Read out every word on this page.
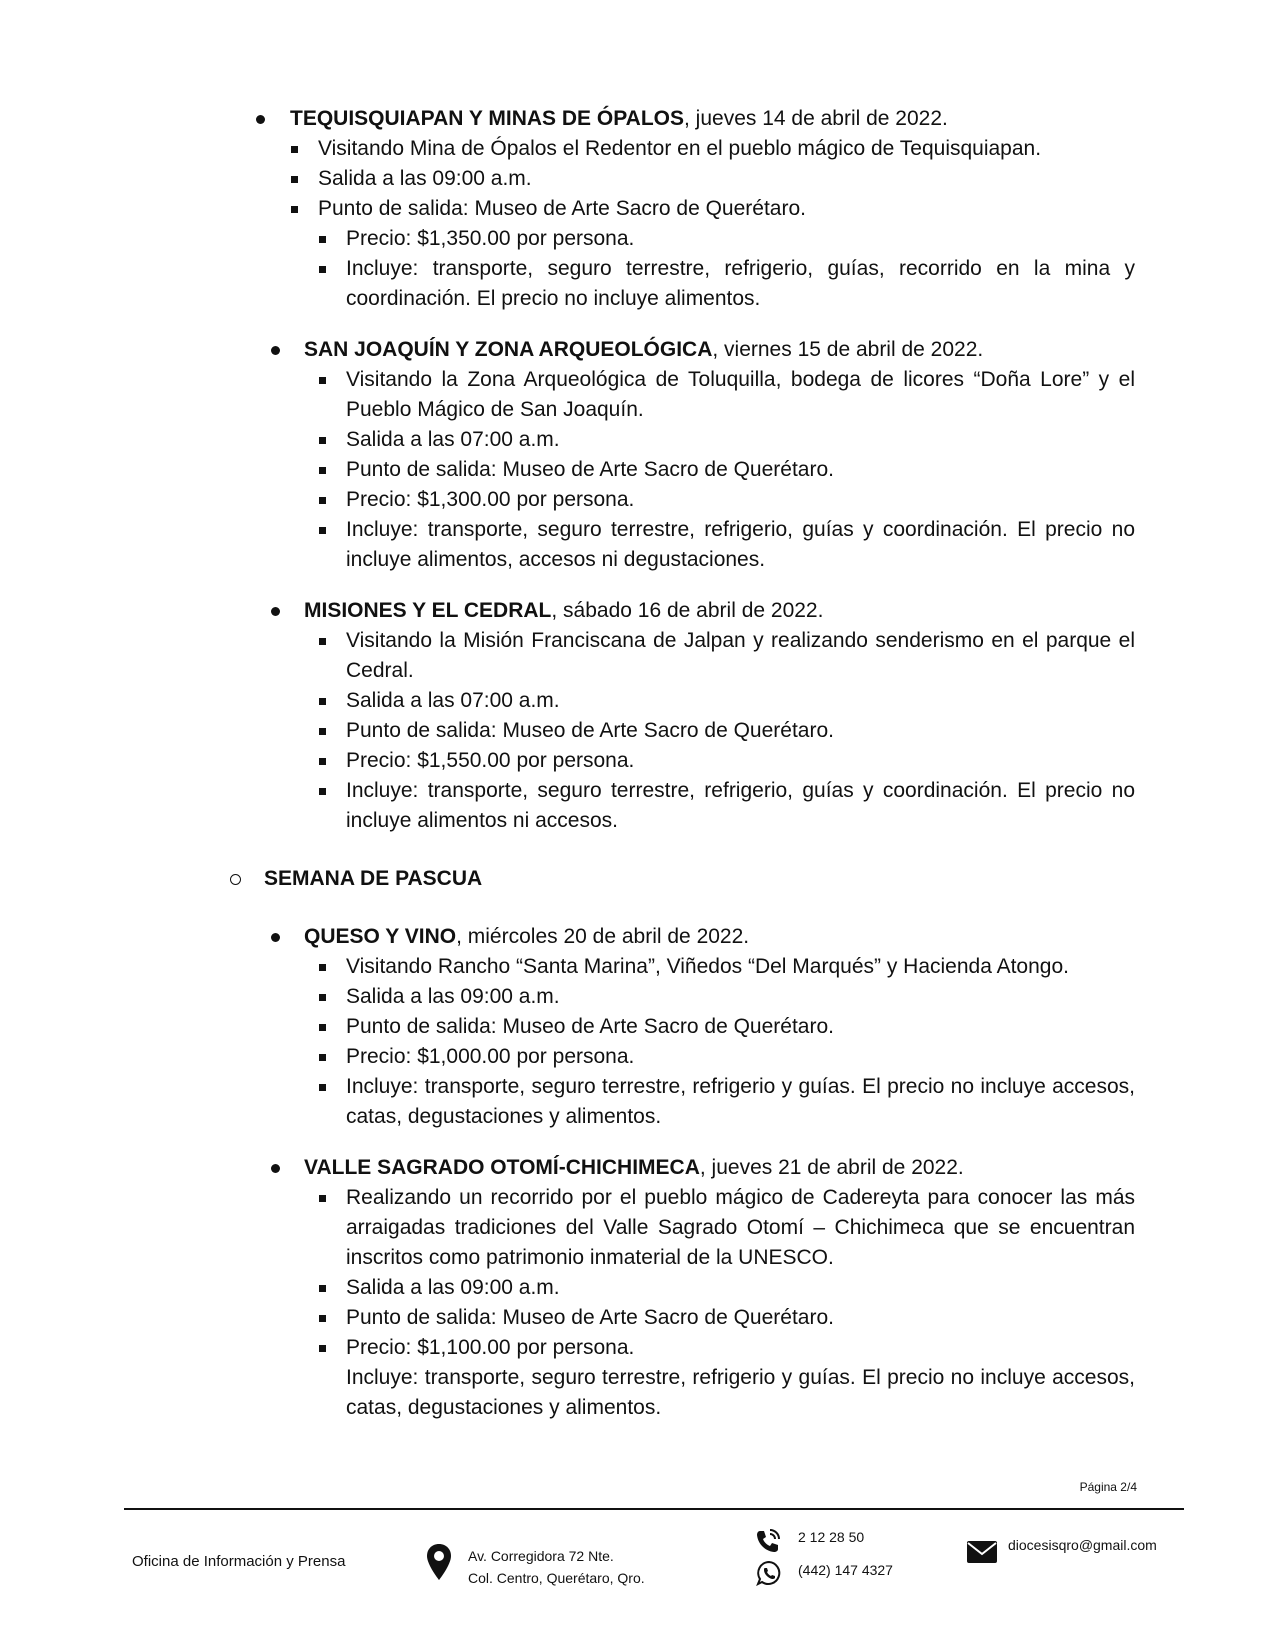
TEQUISQUIAPAN Y MINAS DE ÓPALOS, jueves 14 de abril de 2022.
Visitando Mina de Ópalos el Redentor en el pueblo mágico de Tequisquiapan.
Salida a las 09:00 a.m.
Punto de salida: Museo de Arte Sacro de Querétaro.
Precio: $1,350.00 por persona.
Incluye: transporte, seguro terrestre, refrigerio, guías, recorrido en la mina y coordinación. El precio no incluye alimentos.
SAN JOAQUÍN Y ZONA ARQUEOLÓGICA, viernes 15 de abril de 2022.
Visitando la Zona Arqueológica de Toluquilla, bodega de licores “Doña Lore” y el Pueblo Mágico de San Joaquín.
Salida a las 07:00 a.m.
Punto de salida: Museo de Arte Sacro de Querétaro.
Precio: $1,300.00 por persona.
Incluye: transporte, seguro terrestre, refrigerio, guías y coordinación. El precio no incluye alimentos, accesos ni degustaciones.
MISIONES Y EL CEDRAL, sábado 16 de abril de 2022.
Visitando la Misión Franciscana de Jalpan y realizando senderismo en el parque el Cedral.
Salida a las 07:00 a.m.
Punto de salida: Museo de Arte Sacro de Querétaro.
Precio: $1,550.00 por persona.
Incluye: transporte, seguro terrestre, refrigerio, guías y coordinación. El precio no incluye alimentos ni accesos.
SEMANA DE PASCUA
QUESO Y VINO, miércoles 20 de abril de 2022.
Visitando Rancho “Santa Marina”, Viñedos “Del Marqués” y Hacienda Atongo.
Salida a las 09:00 a.m.
Punto de salida: Museo de Arte Sacro de Querétaro.
Precio: $1,000.00 por persona.
Incluye: transporte, seguro terrestre, refrigerio y guías. El precio no incluye accesos, catas, degustaciones y alimentos.
VALLE SAGRADO OTOMÍ-CHICHIMECA, jueves 21 de abril de 2022.
Realizando un recorrido por el pueblo mágico de Cadereyta para conocer las más arraigadas tradiciones del Valle Sagrado Otomí – Chichimeca que se encuentran inscritos como patrimonio inmaterial de la UNESCO.
Salida a las 09:00 a.m.
Punto de salida: Museo de Arte Sacro de Querétaro.
Precio: $1,100.00 por persona.
Incluye: transporte, seguro terrestre, refrigerio y guías. El precio no incluye accesos, catas, degustaciones y alimentos.
Página 2/4
Oficina de Información y Prensa	Av. Corregidora 72 Nte.
Col. Centro, Querétaro, Qro.
2 12 28 50
(442) 147 4327
diocesisqro@gmail.com
